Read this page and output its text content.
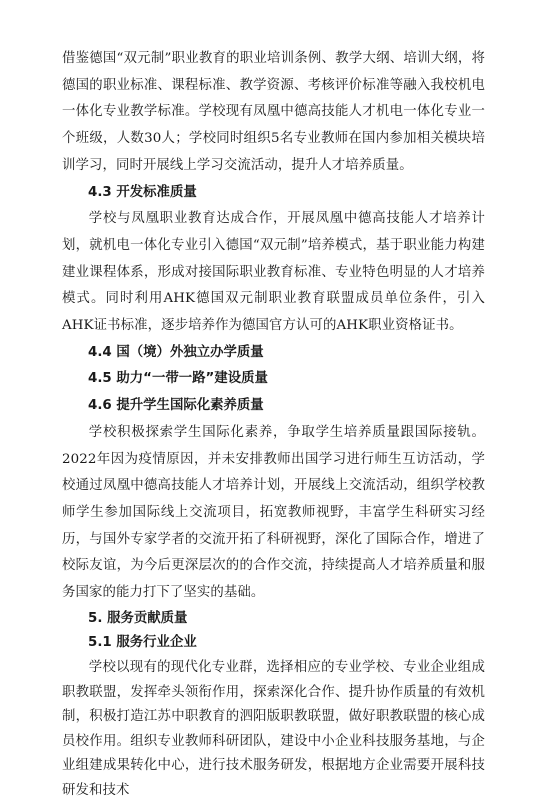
借鉴德国“双元制”职业教育的职业培训条例、教学大纲、培训大纲，将德国的职业标准、课程标准、教学资源、考核评价标准等融入我校机电一体化专业教学标准。学校现有凤凰中德高技能人才机电一体化专业一个班级，人数30人；学校同时组织5名专业教师在国内参加相关模块培训学习，同时开展线上学习交流活动，提升人才培养质量。

4.3 开发标准质量

学校与凤凰职业教育达成合作，开展凤凰中德高技能人才培养计划，就机电一体化专业引入德国“双元制”培养模式，基于职业能力构建建业课程体系，形成对接国际职业教育标准、专业特色明显的人才培养模式。同时利用AHK德国双元制职业教育联盟成员单位条件，引入AHK证书标准，逐步培养作为德国官方认可的AHK职业资格证书。

4.4 国（境）外独立办学质量

4.5 助力“一带一路”建设质量

4.6 提升学生国际化素养质量

学校积极探索学生国际化素养，争取学生培养质量跟国际接轨。2022年因为疫情原因，并未安排教师出国学习进行师生互访活动，学校通过凤凰中德高技能人才培养计划，开展线上交流活动，组织学校教师学生参加国际线上交流项目，拓宽教师视野，丰富学生科研实习经历，与国外专家学者的交流开拓了科研视野，深化了国际合作，增进了校际友谊，为今后更深层次的的合作交流，持续提高人才培养质量和服务国家的能力打下了坚实的基础。

5. 服务贡献质量

5.1 服务行业企业

学校以现有的现代化专业群，选择相应的专业学校、专业企业组成职教联盟，发挥牵头领衔作用，探索深化合作、提升协作质量的有效机制，积极打造江苏中职教育的泗阳版职教联盟，做好职教联盟的核心成员校作用。组织专业教师科研团队，建设中小企业科技服务基地，与企业组建成果转化中心，进行技术服务研发，根据地方企业需要开展科技研发和技术
